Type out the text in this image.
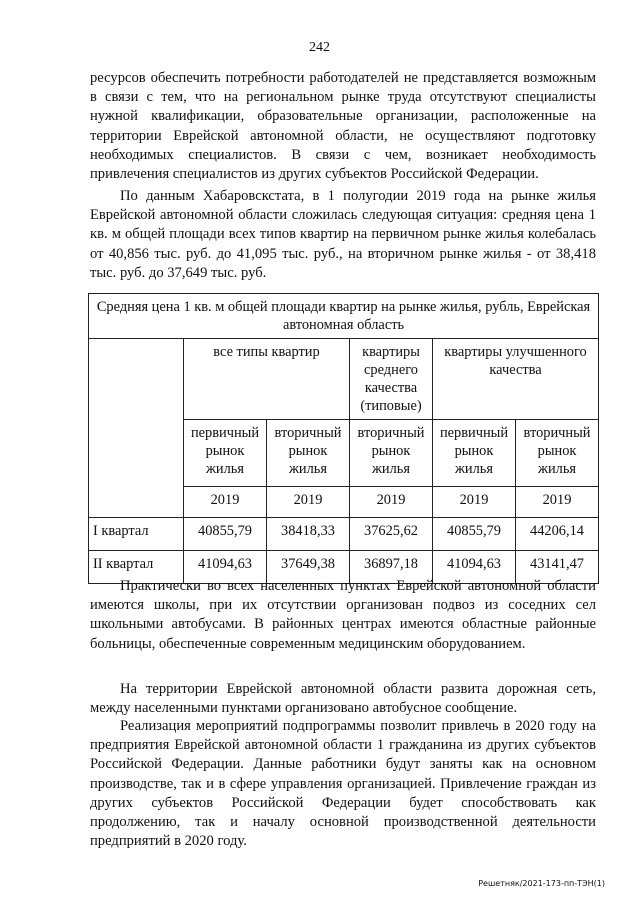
242

ресурсов обеспечить потребности работодателей не представляется возможным в связи с тем, что на региональном рынке труда отсутствуют специалисты нужной квалификации, образовательные организации, расположенные на территории Еврейской автономной области, не осуществляют подготовку необходимых специалистов. В связи с чем, возникает необходимость привлечения специалистов из других субъектов Российской Федерации.

По данным Хабаровскстата, в 1 полугодии 2019 года на рынке жилья Еврейской автономной области сложилась следующая ситуация: средняя цена 1 кв. м общей площади всех типов квартир на первичном рынке жилья колебалась от 40,856 тыс. руб. до 41,095 тыс. руб., на вторичном рынке жилья - от 38,418 тыс. руб. до 37,649 тыс. руб.

Средняя цена 1 кв. м общей площади квартир на рынке жилья, рубль, Еврейская автономная область					
	все типы квартир		квартиры среднего качества (типовые)	квартиры улучшенного качества	
	первичный рынок жилья	вторичный рынок жилья	вторичный рынок жилья	первичный рынок жилья	вторичный рынок жилья
	2019	2019	2019	2019	2019
I квартал	40855,79	38418,33	37625,62	40855,79	44206,14
II квартал	41094,63	37649,38	36897,18	41094,63	43141,47

Практически во всех населенных пунктах Еврейской автономной области имеются школы, при их отсутствии организован подвоз из соседних сел школьными автобусами. В районных центрах имеются областные районные больницы, обеспеченные современным медицинским оборудованием.

На территории Еврейской автономной области развита дорожная сеть, между населенными пунктами организовано автобусное сообщение.

Реализация мероприятий подпрограммы позволит привлечь в 2020 году на предприятия Еврейской автономной области 1 гражданина из других субъектов Российской Федерации. Данные работники будут заняты как на основном производстве, так и в сфере управления организацией. Привлечение граждан из других субъектов Российской Федерации будет способствовать как продолжению, так и началу основной производственной деятельности предприятий в 2020 году.

Решетняк/2021-173-пп-ТЭН(1)
